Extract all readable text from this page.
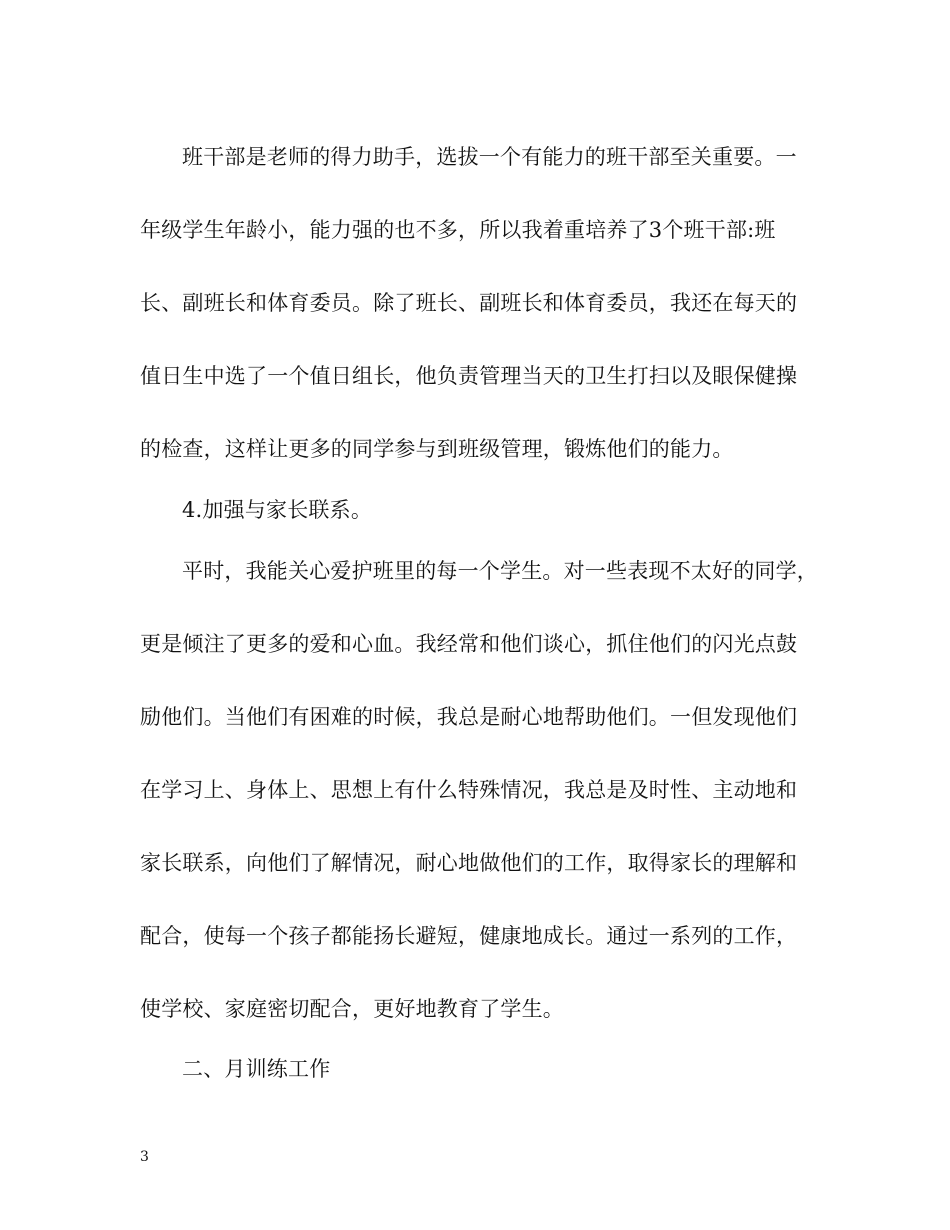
班干部是老师的得力助手，选拔一个有能力的班干部至关重要。一
年级学生年龄小，能力强的也不多，所以我着重培养了3个班干部:班
长、副班长和体育委员。除了班长、副班长和体育委员，我还在每天的
值日生中选了一个值日组长，他负责管理当天的卫生打扫以及眼保健操
的检查，这样让更多的同学参与到班级管理，锻炼他们的能力。
4.加强与家长联系。
平时，我能关心爱护班里的每一个学生。对一些表现不太好的同学，
更是倾注了更多的爱和心血。我经常和他们谈心，抓住他们的闪光点鼓
励他们。当他们有困难的时候，我总是耐心地帮助他们。一但发现他们
在学习上、身体上、思想上有什么特殊情况，我总是及时性、主动地和
家长联系，向他们了解情况，耐心地做他们的工作，取得家长的理解和
配合，使每一个孩子都能扬长避短，健康地成长。通过一系列的工作，
使学校、家庭密切配合，更好地教育了学生。
二、月训练工作
3
